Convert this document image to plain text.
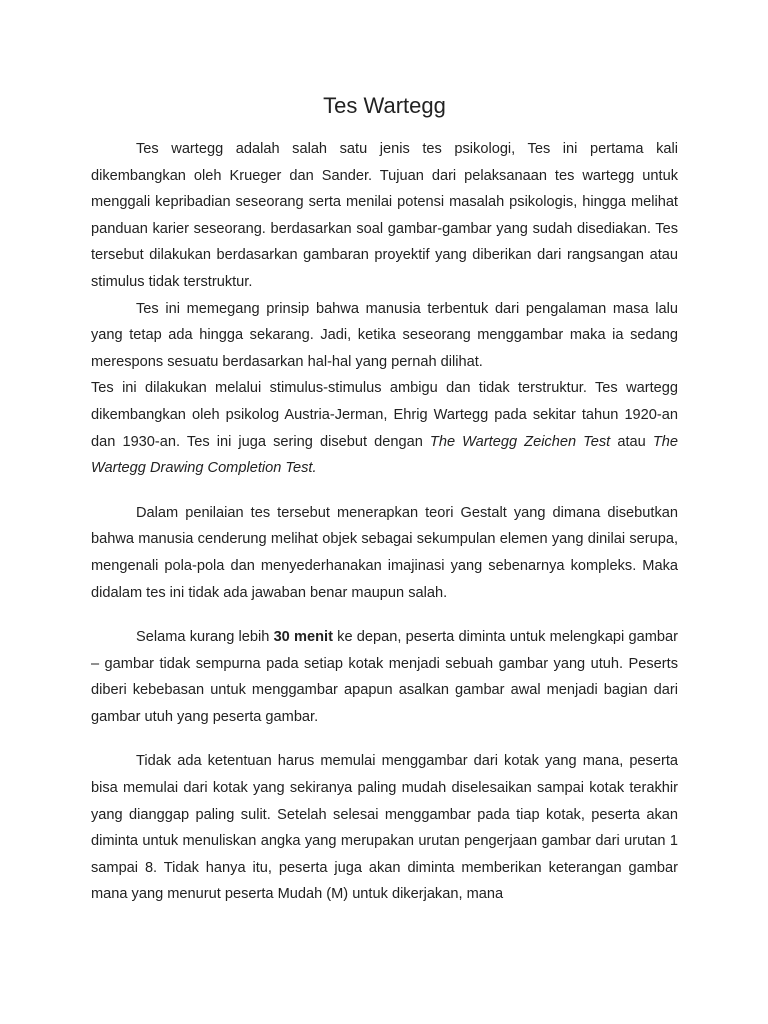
Tes Wartegg

Tes wartegg adalah salah satu jenis tes psikologi, Tes ini pertama kali dikembangkan oleh Krueger dan Sander. Tujuan dari pelaksanaan tes wartegg untuk menggali kepribadian seseorang serta menilai potensi masalah psikologis, hingga melihat panduan karier seseorang. berdasarkan soal gambar-gambar yang sudah disediakan. Tes tersebut dilakukan berdasarkan gambaran proyektif yang diberikan dari rangsangan atau stimulus tidak terstruktur.

Tes ini memegang prinsip bahwa manusia terbentuk dari pengalaman masa lalu yang tetap ada hingga sekarang. Jadi, ketika seseorang menggambar maka ia sedang merespons sesuatu berdasarkan hal-hal yang pernah dilihat.

Tes ini dilakukan melalui stimulus-stimulus ambigu dan tidak terstruktur. Tes wartegg dikembangkan oleh psikolog Austria-Jerman, Ehrig Wartegg pada sekitar tahun 1920-an dan 1930-an. Tes ini juga sering disebut dengan The Wartegg Zeichen Test atau The Wartegg Drawing Completion Test.

Dalam penilaian tes tersebut menerapkan teori Gestalt yang dimana disebutkan bahwa manusia cenderung melihat objek sebagai sekumpulan elemen yang dinilai serupa, mengenali pola-pola dan menyederhanakan imajinasi yang sebenarnya kompleks. Maka didalam tes ini tidak ada jawaban benar maupun salah.

Selama kurang lebih 30 menit ke depan, peserta diminta untuk melengkapi gambar – gambar tidak sempurna pada setiap kotak menjadi sebuah gambar yang utuh. Peserts diberi kebebasan untuk menggambar apapun asalkan gambar awal menjadi bagian dari gambar utuh yang peserta gambar.

Tidak ada ketentuan harus memulai menggambar dari kotak yang mana, peserta bisa memulai dari kotak yang sekiranya paling mudah diselesaikan sampai kotak terakhir yang dianggap paling sulit. Setelah selesai menggambar pada tiap kotak, peserta akan diminta untuk menuliskan angka yang merupakan urutan pengerjaan gambar dari urutan 1 sampai 8. Tidak hanya itu, peserta juga akan diminta memberikan keterangan gambar mana yang menurut peserta Mudah (M) untuk dikerjakan, mana
